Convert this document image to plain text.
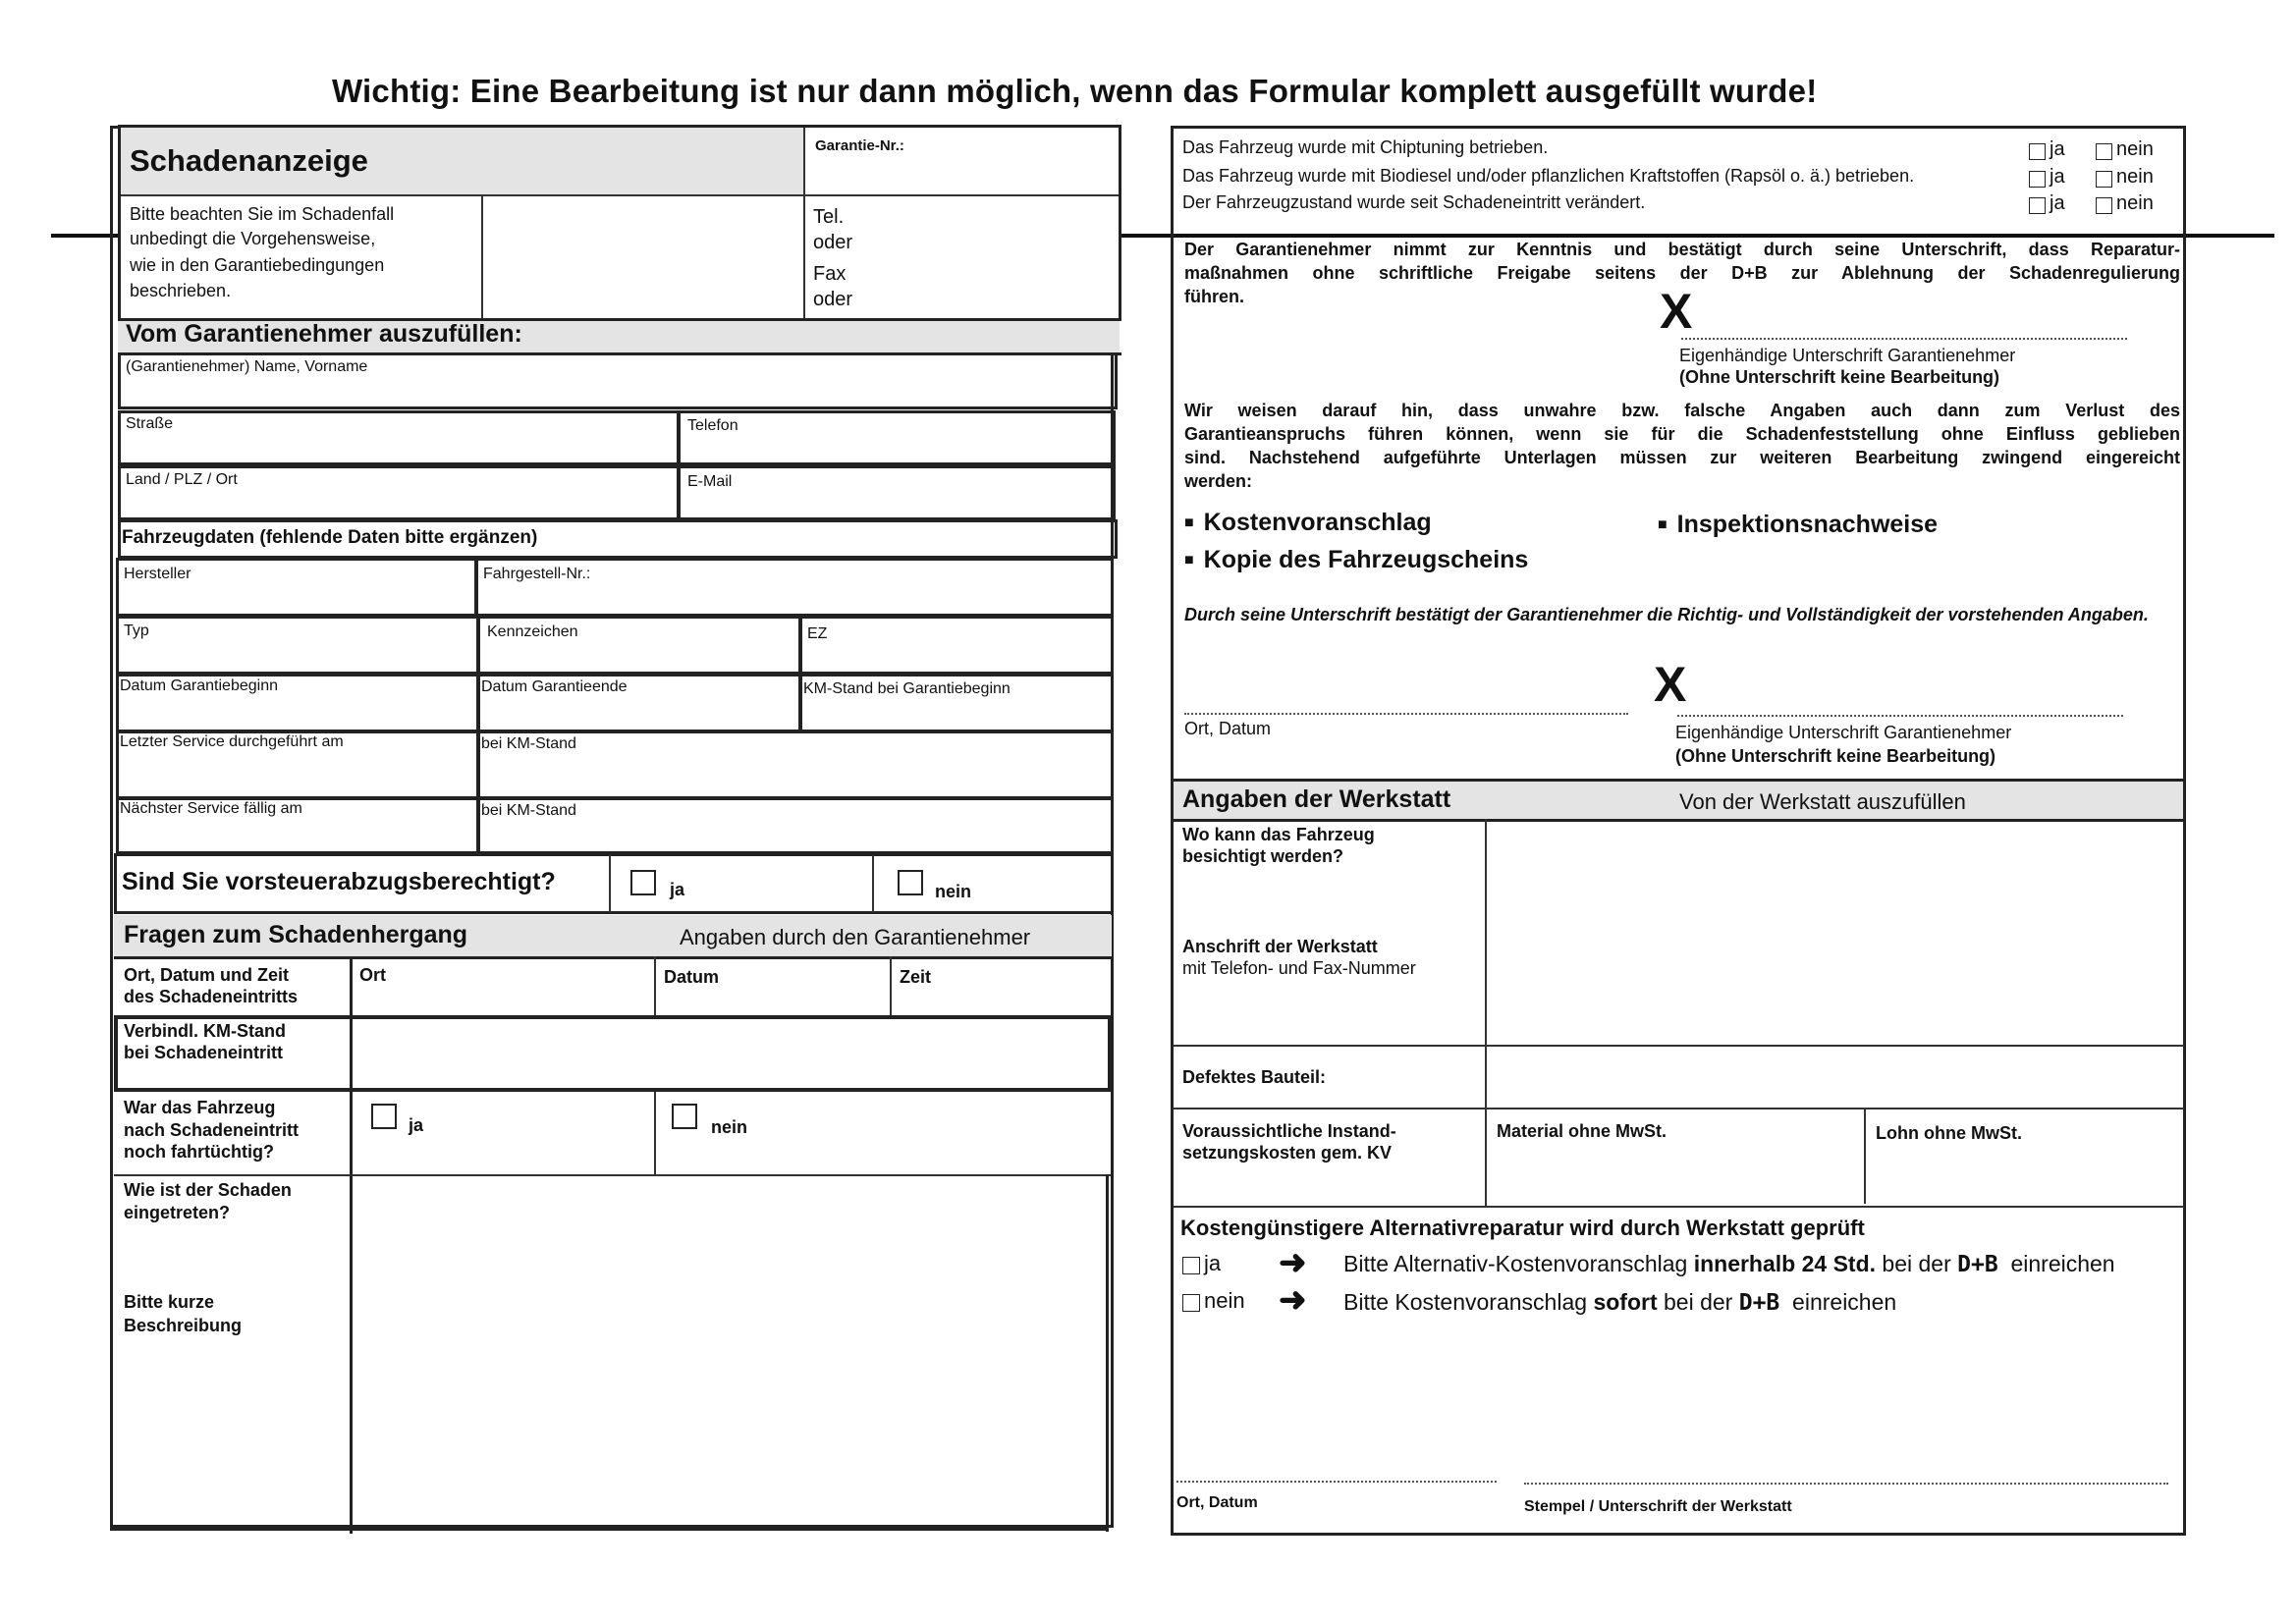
Wichtig: Eine Bearbeitung ist nur dann möglich, wenn das Formular komplett ausgefüllt wurde!
Schadenanzeige	Garantie-Nr.:
Bitte beachten Sie im Schadenfall
unbedingt die Vorgehensweise,
wie in den Garantiebedingungen
beschrieben.
Tel.
oder
Fax
oder
Vom Garantienehmer auszufüllen:
(Garantienehmer) Name, Vorname
Straße	Telefon
Land / PLZ / Ort	E-Mail
Fahrzeugdaten (fehlende Daten bitte ergänzen)
Hersteller	Fahrgestell-Nr.:
Typ	Kennzeichen	EZ
Datum Garantiebeginn	Datum Garantieende	KM-Stand bei Garantiebeginn
Letzter Service durchgeführt am	bei KM-Stand
Nächster Service fällig am	bei KM-Stand
Sind Sie vorsteuerabzugsberechtigt?	ja	nein
Fragen zum Schadenhergang	Angaben durch den Garantienehmer
Ort, Datum und Zeit
des Schadeneintritts
Ort	Datum	Zeit
Verbindl. KM-Stand
bei Schadeneintritt
War das Fahrzeug
nach Schadeneintritt
noch fahrtüchtig?
ja	nein
Wie ist der Schaden
eingetreten?
Bitte kurze
Beschreibung
Das Fahrzeug wurde mit Chiptuning betrieben.
Das Fahrzeug wurde mit Biodiesel und/oder pflanzlichen Kraftstoffen (Rapsöl o. ä.) betrieben.
Der Fahrzeugzustand wurde seit Schadeneintritt verändert.
ja	nein
ja	nein
ja	nein
Der Garantienehmer nimmt zur Kenntnis und bestätigt durch seine Unterschrift, dass Reparatur-
maßnahmen ohne schriftliche Freigabe seitens der D+B zur Ablehnung der Schadenregulierung
führen.	X
Eigenhändige Unterschrift Garantienehmer
(Ohne Unterschrift keine Bearbeitung)
Wir weisen darauf hin, dass unwahre bzw. falsche Angaben auch dann zum Verlust des
Garantieanspruchs führen können, wenn sie für die Schadenfeststellung ohne Einfluss geblieben
sind. Nachstehend aufgeführte Unterlagen müssen zur weiteren Bearbeitung zwingend eingereicht
werden:
■ Kostenvoranschlag
■	Inspektionsnachweise
■ Kopie des Fahrzeugscheins
Durch seine Unterschrift bestätigt der Garantienehmer die Richtig- und Vollständigkeit der vorstehenden Angaben.
Ort, Datum
X
Eigenhändige Unterschrift Garantienehmer
(Ohne Unterschrift keine Bearbeitung)
Angaben der Werkstatt	Von der Werkstatt auszufüllen
Wo kann das Fahrzeug
besichtigt werden?
Anschrift der Werkstatt
mit Telefon- und Fax-Nummer
Defektes Bauteil:
Voraussichtliche Instand-
setzungskosten gem. KV
Material ohne MwSt.	Lohn ohne MwSt.
Kostengünstigere Alternativreparatur wird durch Werkstatt geprüft
ja ➜ Bitte Alternativ-Kostenvoranschlag innerhalb 24 Std. bei der D+B einreichen
nein ➜ Bitte Kostenvoranschlag sofort bei der D+B einreichen
Ort, Datum	Stempel / Unterschrift der Werkstatt
